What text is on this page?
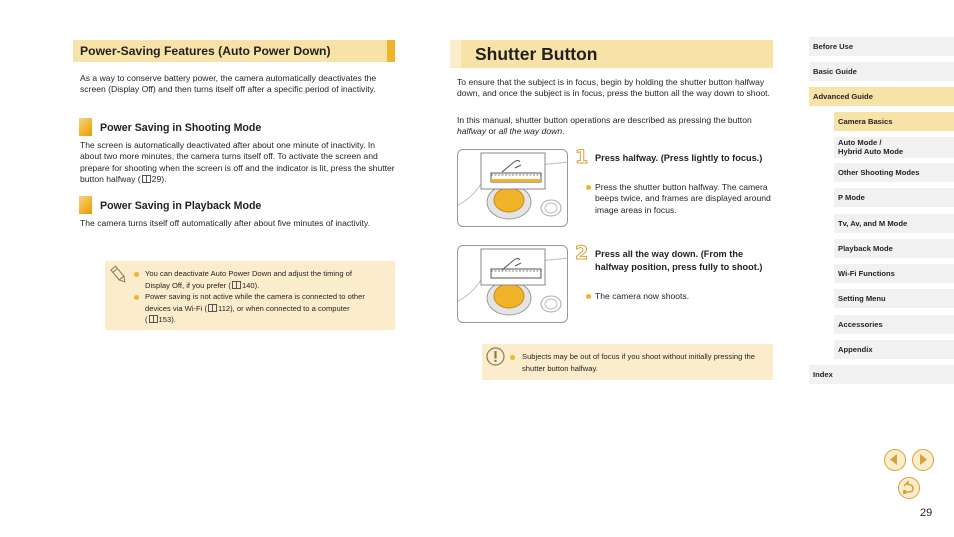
Power-Saving Features (Auto Power Down)
As a way to conserve battery power, the camera automatically deactivates the screen (Display Off) and then turns itself off after a specific period of inactivity.
Power Saving in Shooting Mode
The screen is automatically deactivated after about one minute of inactivity. In about two more minutes, the camera turns itself off. To activate the screen and prepare for shooting when the screen is off and the indicator is lit, press the shutter button halfway ( 29).
Power Saving in Playback Mode
The camera turns itself off automatically after about five minutes of inactivity.
You can deactivate Auto Power Down and adjust the timing of
Display Off, if you prefer ( 140).
Power saving is not active while the camera is connected to other
devices via Wi-Fi ( 112), or when connected to a computer
( 153).
Shutter Button
To ensure that the subject is in focus, begin by holding the shutter button halfway down, and once the subject is in focus, press the button all the way down to shoot.
In this manual, shutter button operations are described as pressing the button halfway or all the way down.
1 Press halfway. (Press lightly to focus.)
Press the shutter button halfway. The camera beeps twice, and frames are displayed around image areas in focus.
2 Press all the way down. (From the halfway position, press fully to shoot.)
The camera now shoots.
Subjects may be out of focus if you shoot without initially pressing the shutter button halfway.
Before Use
Basic Guide
Advanced Guide
Camera Basics
Auto Mode /
Hybrid Auto Mode
Other Shooting Modes
P Mode
Tv, Av, and M Mode
Playback Mode
Wi-Fi Functions
Setting Menu
Accessories
Appendix
Index
29
